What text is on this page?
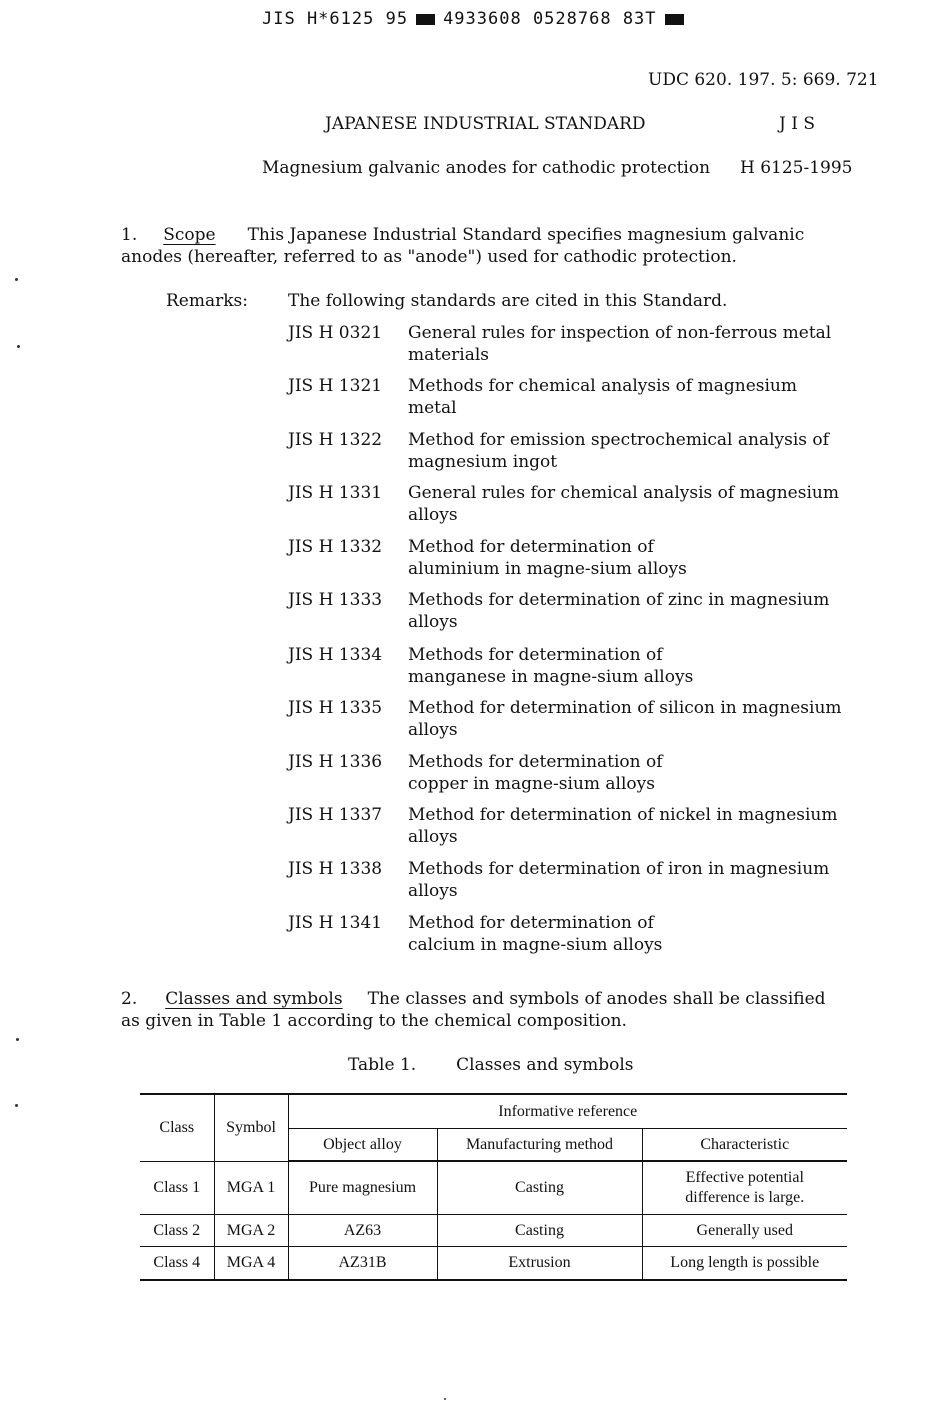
JIS H*6125 95 4933608 0528768 83T
UDC 620. 197. 5: 669. 721
JAPANESE INDUSTRIAL STANDARD	J I S
Magnesium galvanic anodes for cathodic protection H 6125-1995
1. Scope This Japanese Industrial Standard specifies magnesium galvanic
anodes (hereafter, referred to as "anode") used for cathodic protection.
Remarks: The following standards are cited in this Standard.
JIS H 0321 General rules for inspection of non-ferrous metal materials
JIS H 1321 Methods for chemical analysis of magnesium metal
JIS H 1322 Method for emission spectrochemical analysis of magnesium ingot
JIS H 1331 General rules for chemical analysis of magnesium alloys
JIS H 1332 Method for determination of aluminium in magne-sium alloys
JIS H 1333 Methods for determination of zinc in magnesium alloys
JIS H 1334 Methods for determination of manganese in magne-sium alloys
JIS H 1335 Method for determination of silicon in magnesium alloys
JIS H 1336 Methods for determination of copper in magne-sium alloys
JIS H 1337 Method for determination of nickel in magnesium alloys
JIS H 1338 Methods for determination of iron in magnesium alloys
JIS H 1341 Method for determination of calcium in magne-sium alloys
2. Classes and symbols The classes and symbols of anodes shall be classified
as given in Table 1 according to the chemical composition.
Table 1. Classes and symbols
Class	Symbol	Informative reference		
		Object alloy	Manufacturing method	Characteristic
Class 1	MGA 1	Pure magnesium	Casting	Effective potential
difference is large.

Class 2	MGA 2	AZ63	Casting	Generally used
Class 4	MGA 4	AZ31B	Extrusion	Long length is possible
